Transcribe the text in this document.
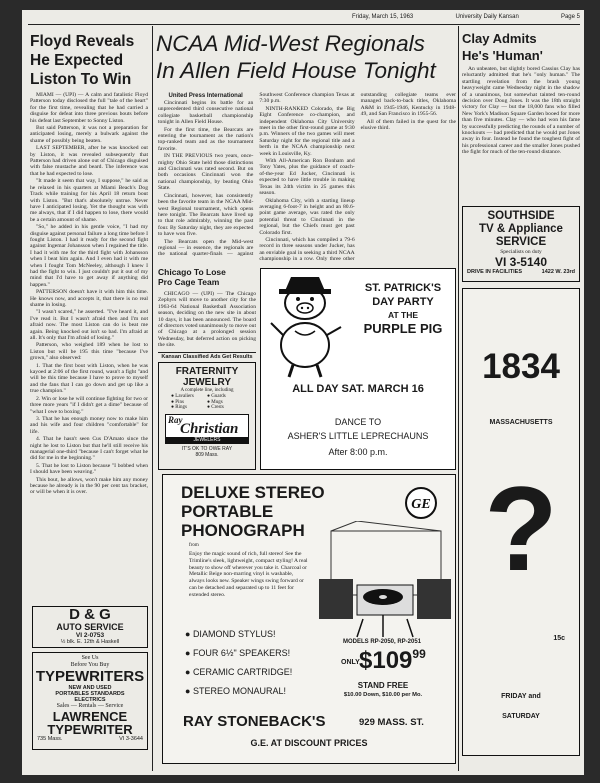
Friday, March 15, 1963	University Daily Kansan	Page 5
Floyd Reveals
He Expected
Liston To Win

MIAMI — (UPI) — A calm and fatalistic Floyd Patterson today disclosed the full "tale of the heart" for the first time, revealing that he had carried a disguise for defeat into three previous bouts before his defeat last September to Sonny Liston.

But said Patterson, it was not a preparation for anticipated losing, merely a bulwark against the shame of possibly being beaten.

LAST SEPTEMBER, after he was knocked out by Liston, it was revealed subsequently that Patterson had driven alone out of Chicago disguised with false mustache and beard. The inference was that he had expected to lose.

"It made it seem that way, I suppose," he said as he relaxed in his quarters at Miami Beach's Dog Track while training for his April 18 return bout with Liston. "But that's absolutely untrue. Never have I anticipated losing. Yet the thought was with me always, that if I did happen to lose, there would be a certain amount of shame.

"So," he added in his gentle voice, "I had my disguise against personal failure a long time before I fought Liston. I had it ready for the second fight against Ingemar Johansson when I regained the title. I had it with me for the third fight with Johansson when I beat him again. And I even had it with me when I fought Tom McNeeley, although I knew I had the fight to win. I just couldn't put it out of my mind that I'd have to get away if anything did happen."

PATTERSON doesn't have it with him this time. He knows now, and accepts it, that there is no real shame in losing.

"I wasn't scared," he asserted. "I've heard it, and I've read it. But I wasn't afraid then and I'm not afraid now. The most Liston can do is beat me again. Being knocked out isn't so bad. I'm afraid at all. It's only that I'm afraid of losing."

Patterson, who weighed 189 when he lost to Liston but will be 195 this time "because I've grown," also observed:

1. That the first bout with Liston, when he was kayoed at 2:06 of the first round, wasn't a fight "and will be this time because I have to prove to myself and the fans that I can go down and get up like a true champion."

2. Win or lose he will continue fighting for two or three more years "if I didn't get a dime" because of "what I owe to boxing."

3. That he has enough money now to make him and his wife and four children "comfortable" for life.

4. That he hasn't seen Cus D'Amato since the night he lost to Liston but that he'll still receive his managerial one-third "because I can't forget what he did for me in the beginning."

5. That he lost to Liston because "I bobbed when I should have been weaving."

This bout, he allows, won't make him any money because he already is in the 90 per cent tax bracket, or will be when it is over.

D & G
AUTO SERVICE
VI 2-0753
½ blk. E. 12th & Haskell
See Us
Before You Buy
TYPEWRITERS
NEW AND USED
PORTABLES STANDARDS
ELECTRICS
Sales — Rentals — Service
LAWRENCE
TYPEWRITER
735 Mass.	VI 3-3644
NCAA Mid-West Regionals
In Allen Field House Tonight
United Press International

Cincinnati begins its battle for an unprecedented third consecutive national collegiate basketball championship tonight in Allen Field House.

For the first time, the Bearcats are entering the tournament as the nation's top-ranked team and as the tournament favorite.

IN THE PREVIOUS two years, once-mighty Ohio State held those distinctions and Cincinnati was rated second. But on both occasions Cincinnati won the national championship, by beating Ohio State.

Cincinnati, however, has consistently been the favorite team in the NCAA Mid-west Regional tournament, which opens here tonight. The Bearcats have lived up to that role admirably, winning the past four. By Saturday night, they are expected to have won five.

The Bearcats open the Mid-west regional — in essence, the regionals are the national quarter-finals — against Southwest Conference champion Texas at 7:30 p.m.

NINTH-RANKED Colorado, the Big Eight Conference co-champion, and independent Oklahoma City University meet in the other first-round game at 9:30 p.m. Winners of the two games will meet Saturday night for the regional title and a berth in the NCAA championship next week in Louisville, Ky.

With All-American Ron Bonham and Tony Yates, plus the guidance of coach-of-the-year Ed Jucker, Cincinnati is expected to have little trouble in making Texas its 24th victim in 25 games this season.

Oklahoma City, with a starting lineup averaging 6-foot-7 in height and an 80.6-point game average, was rated the only potential threat to Cincinnati in the regional, but the Chiefs must get past Colorado first.

Cincinnati, which has compiled a 79-6 record in three seasons under Jucker, has an enviable goal in seeking a third NCAA championship in a row. Only three other outstanding collegiate teams ever managed back-to-back titles, Oklahoma A&M in 1945-1946, Kentucky in 1948-49, and San Francisco in 1955-56.

All of them failed in the quest for the elusive third.

Chicago To Lose
Pro Cage Team

CHICAGO — (UPI) — The Chicago Zephyrs will move to another city for the 1963-64 National Basketball Association season, deciding on the new site in about 10 days, it has been announced. The board of directors voted unanimously to move out of Chicago at a prolonged session Wednesday, but deferred action on picking the site.

Kansan Classified Ads Get Results
FRATERNITY
JEWELRY
A complete line, including
● Lavaliers	● Guards
● Pins	● Mugs
● Rings	● Crests
Ray
Christian
JEWELERS
IT'S OK TO OWE RAY
809 Mass.
ST. PATRICK'S
DAY PARTY
AT THE
PURPLE PIG
ALL DAY SAT. MARCH 16
DANCE TO
ASHER'S LITTLE LEPRECHAUNS
After 8:00 p.m.
DELUXE STEREO
PORTABLE
PHONOGRAPH
GE
from
Enjoy the magic sound of rich, full stereo! See the Trimline's sleek, lightweight, compact styling! A real beauty to show off wherever you take it. Charcoal or Metallic Beige non-marring vinyl is washable, always looks new. Speaker wings swing forward or can be detached and separated up to 11 feet for extended stereo.
● DIAMOND STYLUS!
● FOUR 6½" SPEAKERS!
● CERAMIC CARTRIDGE!
● STEREO MONAURAL!
MODELS RP-2050, RP-2051
ONLY $\$109^{99}$
STAND FREE
$10.00 Down, $10.00 per Mo.
RAY STONEBACK'S	929 MASS. ST.
G.E. AT DISCOUNT PRICES
Clay Admits
He's 'Human'

An unbeaten, but slightly bored Cassius Clay has reluctantly admitted that he's "only human." The startling revelation from the brash young heavyweight came Wednesday night in the shadow of a unanimous, but somewhat tainted ten-round decision over Doug Jones. It was the 18th straight victory for Clay — but the 18,000 fans who filled New York's Madison Square Garden booed for more than five minutes. Clay — who had won his fame by successfully predicting the rounds of a number of knockouts — had predicted that he would put Jones away in four. Instead he found the toughest fight of his professional career and the smaller Jones pushed the fight for much of the ten-round distance.

SOUTHSIDE
TV & Appliance
SERVICE
Specialists on duty
VI 3-5140
DRIVE IN FACILITIES	1422 W. 23rd
1834
MASSACHUSETTS
?
15c
FRIDAY and
SATURDAY
